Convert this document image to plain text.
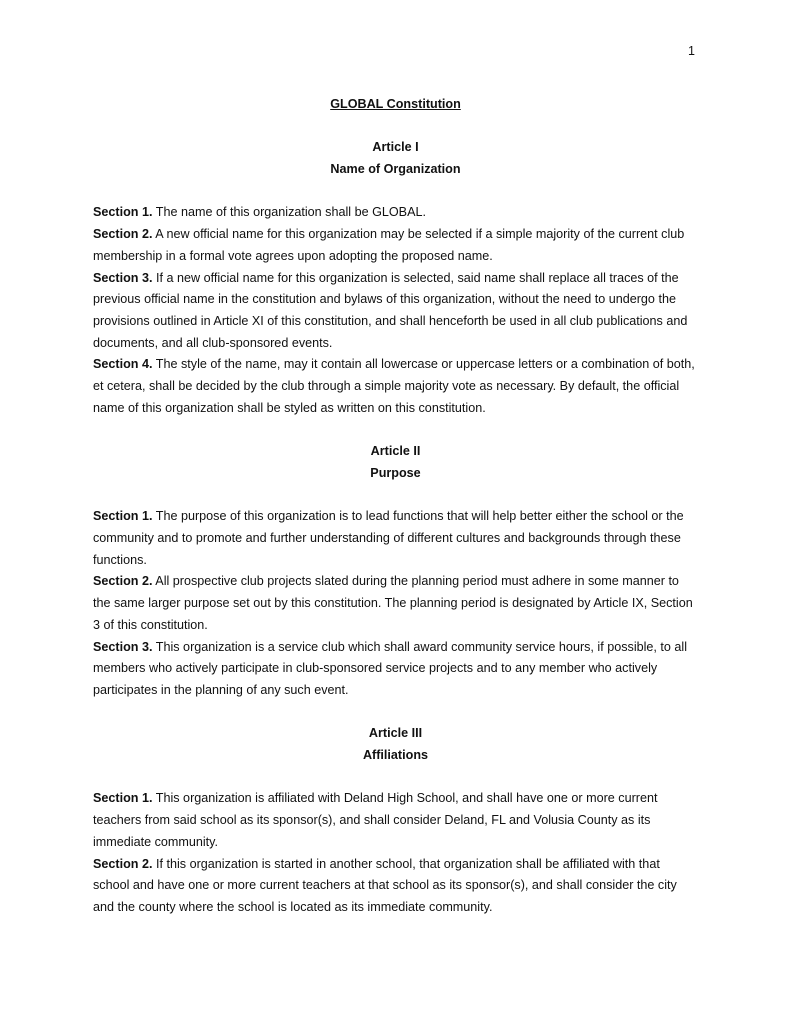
1
GLOBAL Constitution
Article I
Name of Organization
Section 1. The name of this organization shall be GLOBAL.
Section 2. A new official name for this organization may be selected if a simple majority of the current club membership in a formal vote agrees upon adopting the proposed name.
Section 3. If a new official name for this organization is selected, said name shall replace all traces of the previous official name in the constitution and bylaws of this organization, without the need to undergo the provisions outlined in Article XI of this constitution, and shall henceforth be used in all club publications and documents, and all club-sponsored events.
Section 4. The style of the name, may it contain all lowercase or uppercase letters or a combination of both, et cetera, shall be decided by the club through a simple majority vote as necessary. By default, the official name of this organization shall be styled as written on this constitution.
Article II
Purpose
Section 1. The purpose of this organization is to lead functions that will help better either the school or the community and to promote and further understanding of different cultures and backgrounds through these functions.
Section 2. All prospective club projects slated during the planning period must adhere in some manner to the same larger purpose set out by this constitution. The planning period is designated by Article IX, Section 3 of this constitution.
Section 3. This organization is a service club which shall award community service hours, if possible, to all members who actively participate in club-sponsored service projects and to any member who actively participates in the planning of any such event.
Article III
Affiliations
Section 1. This organization is affiliated with Deland High School, and shall have one or more current teachers from said school as its sponsor(s), and shall consider Deland, FL and Volusia County as its immediate community.
Section 2. If this organization is started in another school, that organization shall be affiliated with that school and have one or more current teachers at that school as its sponsor(s), and shall consider the city and the county where the school is located as its immediate community.
